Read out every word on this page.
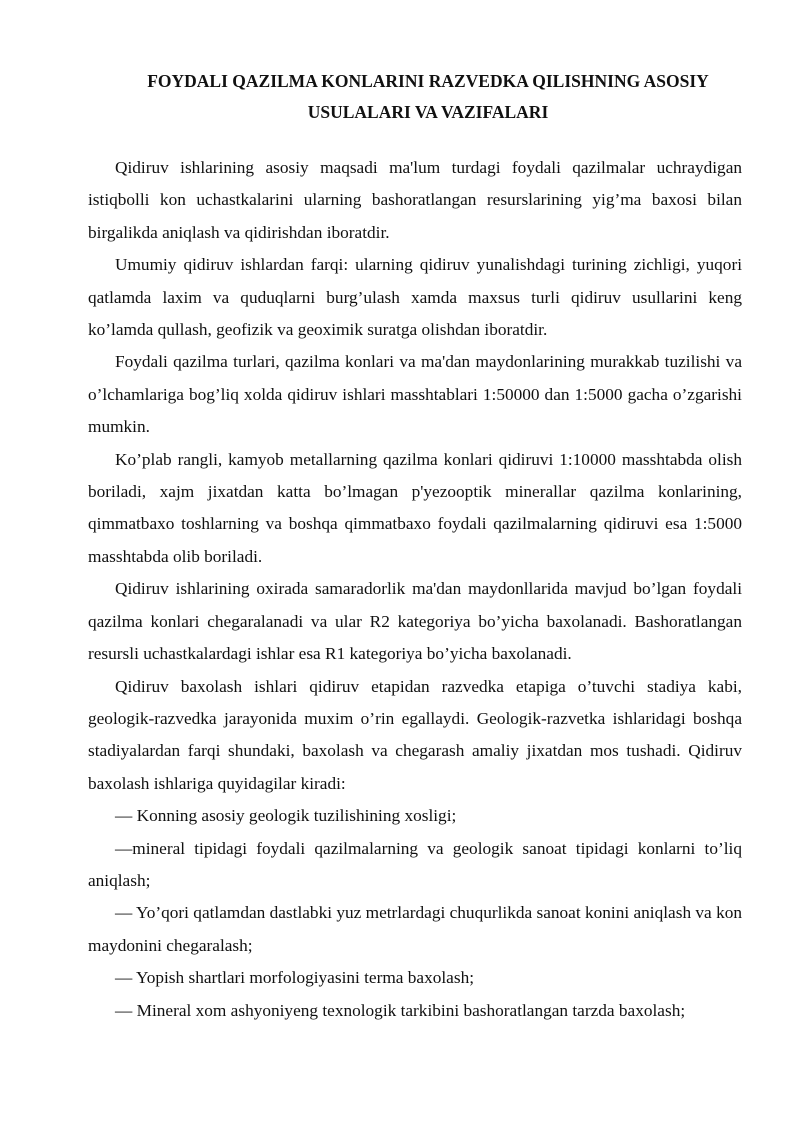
FOYDALI QAZILMA KONLARINI RAZVEDKA QILISHNING ASOSIY
USULALARI VA VAZIFALARI

Qidiruv ishlarining asosiy maqsadi ma'lum turdagi foydali qazilmalar uchraydigan istiqbolli kon uchastkalarini ularning bashoratlangan resurslarining yig’ma baxosi bilan birgalikda aniqlash va qidirishdan iboratdir.

Umumiy qidiruv ishlardan farqi: ularning qidiruv yunalishdagi turining zichligi, yuqori qatlamda laxim va quduqlarni burg’ulash xamda maxsus turli qidiruv usullarini keng ko’lamda qullash, geofizik va geoximik suratga olishdan iboratdir.

Foydali qazilma turlari, qazilma konlari va ma'dan maydonlarining murakkab tuzilishi va o’lchamlariga bog’liq xolda qidiruv ishlari masshtablari 1:50000 dan 1:5000 gacha o’zgarishi mumkin.

Ko’plab rangli, kamyob metallarning qazilma konlari qidiruvi 1:10000 masshtabda olish boriladi, xajm jixatdan katta bo’lmagan p'yezooptik minerallar qazilma konlarining, qimmatbaxo toshlarning va boshqa qimmatbaxo foydali qazilmalarning qidiruvi esa 1:5000 masshtabda olib boriladi.

Qidiruv ishlarining oxirada samaradorlik ma'dan maydonllarida mavjud bo’lgan foydali qazilma konlari chegaralanadi va ular R2 kategoriya bo’yicha baxolanadi. Bashoratlangan resursli uchastkalardagi ishlar esa R1 kategoriya bo’yicha baxolanadi.

Qidiruv baxolash ishlari qidiruv etapidan razvedka etapiga o’tuvchi stadiya kabi, geologik-razvedka jarayonida muxim o’rin egallaydi. Geologik-razvetka ishlaridagi boshqa stadiyalardan farqi shundaki, baxolash va chegarash amaliy jixatdan mos tushadi. Qidiruv baxolash ishlariga quyidagilar kiradi:

— Konning asosiy geologik tuzilishining xosligi;

—mineral tipidagi foydali qazilmalarning va geologik sanoat tipidagi konlarni to’liq aniqlash;

— Yo’qori qatlamdan dastlabki yuz metrlardagi chuqurlikda sanoat konini aniqlash va kon maydonini chegaralash;

— Yopish shartlari morfologiyasini terma baxolash;

— Mineral xom ashyoniyeng texnologik tarkibini bashoratlangan tarzda baxolash;
